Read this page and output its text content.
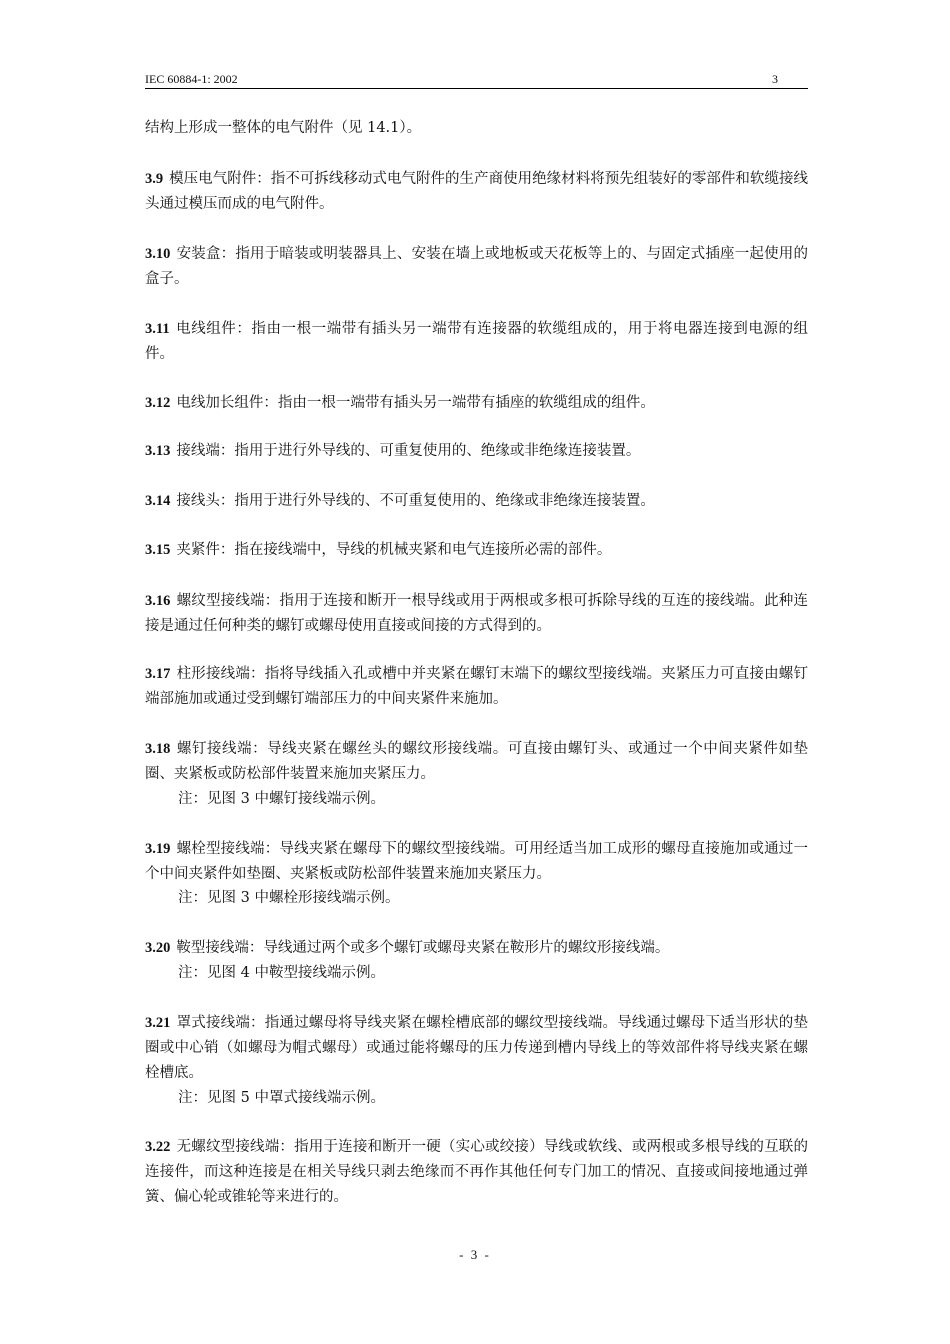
IEC 60884-1: 2002	3

结构上形成一整体的电气附件（见 14.1）。

3.9 模压电气附件：指不可拆线移动式电气附件的生产商使用绝缘材料将预先组装好的零部件和软缆接线头通过模压而成的电气附件。

3.10 安装盒：指用于暗装或明装器具上、安装在墙上或地板或天花板等上的、与固定式插座一起使用的盒子。

3.11 电线组件：指由一根一端带有插头另一端带有连接器的软缆组成的，用于将电器连接到电源的组件。

3.12 电线加长组件：指由一根一端带有插头另一端带有插座的软缆组成的组件。

3.13 接线端：指用于进行外导线的、可重复使用的、绝缘或非绝缘连接装置。

3.14 接线头：指用于进行外导线的、不可重复使用的、绝缘或非绝缘连接装置。

3.15 夹紧件：指在接线端中，导线的机械夹紧和电气连接所必需的部件。

3.16 螺纹型接线端：指用于连接和断开一根导线或用于两根或多根可拆除导线的互连的接线端。此种连接是通过任何种类的螺钉或螺母使用直接或间接的方式得到的。

3.17 柱形接线端：指将导线插入孔或槽中并夹紧在螺钉末端下的螺纹型接线端。夹紧压力可直接由螺钉端部施加或通过受到螺钉端部压力的中间夹紧件来施加。

3.18 螺钉接线端：导线夹紧在螺丝头的螺纹形接线端。可直接由螺钉头、或通过一个中间夹紧件如垫圈、夹紧板或防松部件装置来施加夹紧压力。

注：见图 3 中螺钉接线端示例。

3.19 螺栓型接线端：导线夹紧在螺母下的螺纹型接线端。可用经适当加工成形的螺母直接施加或通过一个中间夹紧件如垫圈、夹紧板或防松部件装置来施加夹紧压力。

注：见图 3 中螺栓形接线端示例。

3.20 鞍型接线端：导线通过两个或多个螺钉或螺母夹紧在鞍形片的螺纹形接线端。

注：见图 4 中鞍型接线端示例。

3.21 罩式接线端：指通过螺母将导线夹紧在螺栓槽底部的螺纹型接线端。导线通过螺母下适当形状的垫圈或中心销（如螺母为帽式螺母）或通过能将螺母的压力传递到槽内导线上的等效部件将导线夹紧在螺栓槽底。

注：见图 5 中罩式接线端示例。

3.22 无螺纹型接线端：指用于连接和断开一硬（实心或绞接）导线或软线、或两根或多根导线的互联的连接件，而这种连接是在相关导线只剥去绝缘而不再作其他任何专门加工的情况、直接或间接地通过弹簧、偏心轮或锥轮等来进行的。

- 3 -
